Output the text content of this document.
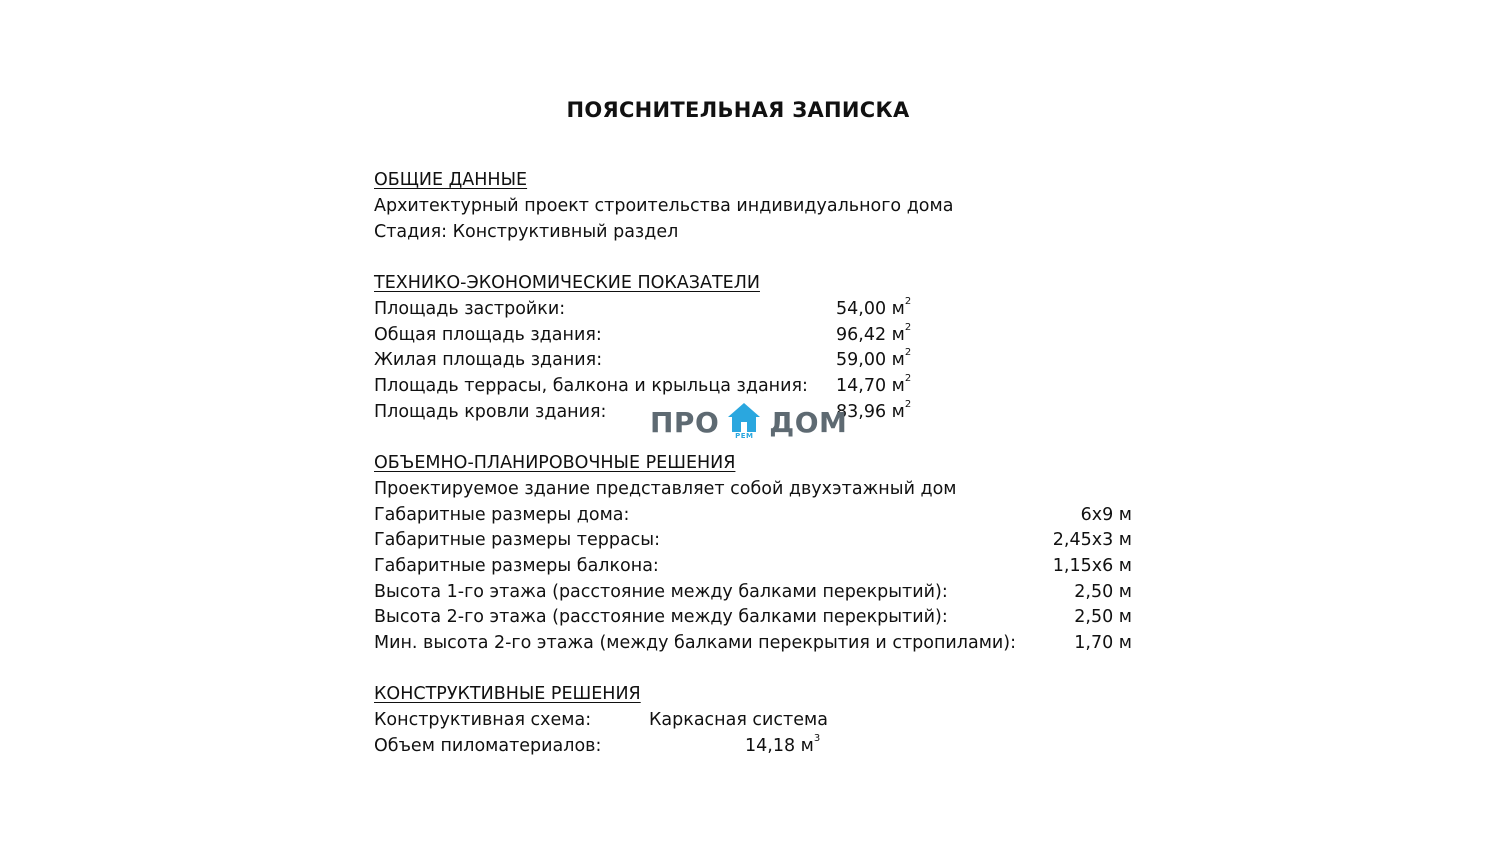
ПОЯСНИТЕЛЬНАЯ ЗАПИСКА
ОБЩИЕ ДАННЫЕ
Архитектурный проект строительства индивидуального дома
Стадия: Конструктивный раздел
ТЕХНИКО-ЭКОНОМИЧЕСКИЕ ПОКАЗАТЕЛИ
Площадь застройки:	54,00 $м^2$
Общая площадь здания:	96,42 $м^2$
Жилая площадь здания:	59,00 $м^2$
Площадь террасы, балкона и крыльца здания: 14,70 $м^2$
Площадь кровли здания:	83,96 $м^2$
ПРО	РЕМ ДОМ
ОБЪЕМНО-ПЛАНИРОВОЧНЫЕ РЕШЕНИЯ
Проектируемое здание представляет собой двухэтажный дом
Габаритные размеры дома:	6х9 м
Габаритные размеры террасы:	2,45х3 м
Габаритные размеры балкона:	1,15х6 м
Высота 1-го этажа (расстояние между балками перекрытий):	2,50 м
Высота 2-го этажа (расстояние между балками перекрытий):	2,50 м
Мин. высота 2-го этажа (между балками перекрытия и стропилами):	1,70 м
КОНСТРУКТИВНЫЕ РЕШЕНИЯ
Конструктивная схема:	Каркасная система
Объем пиломатериалов:	14,18 $м^3$
